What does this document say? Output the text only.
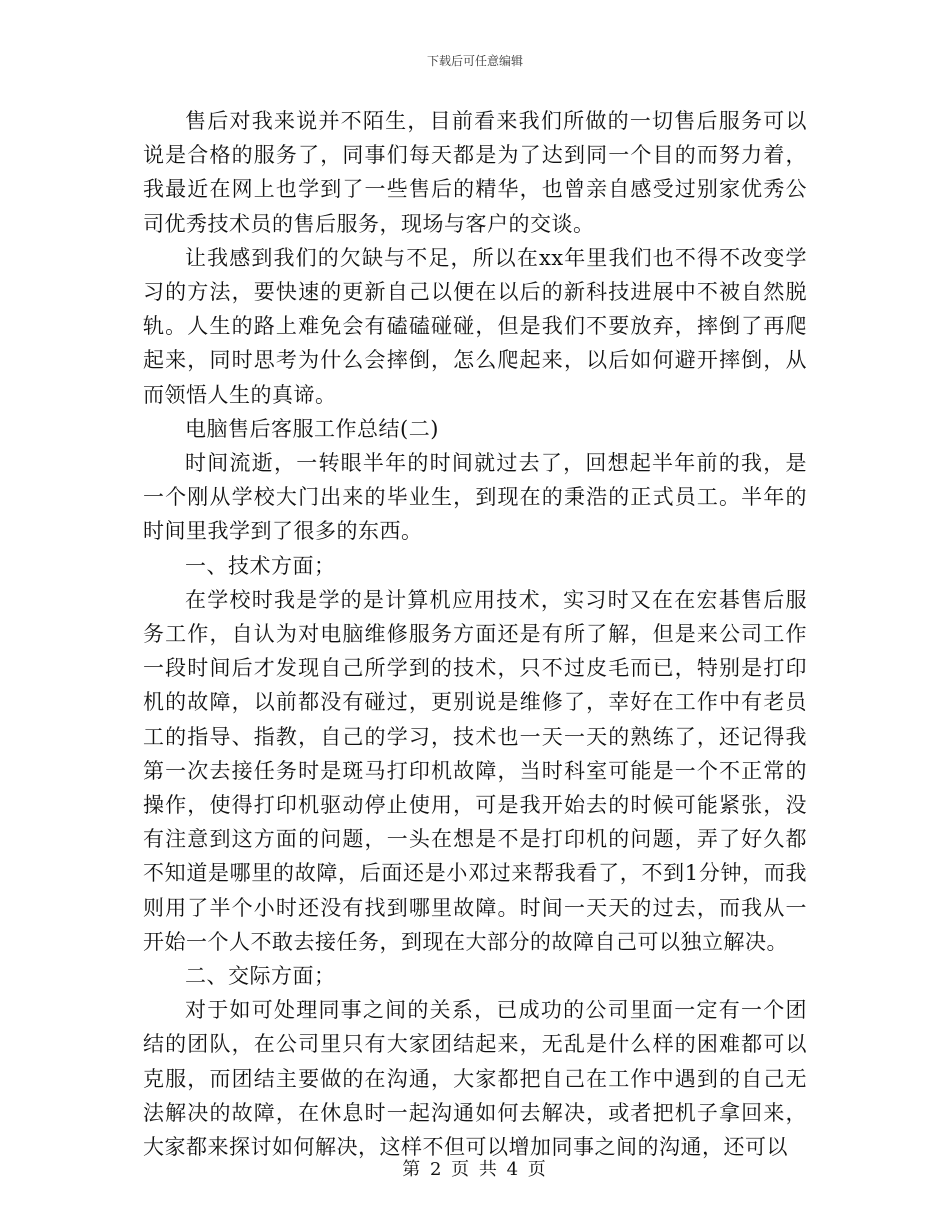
下载后可任意编辑

售后对我来说并不陌生，目前看来我们所做的一切售后服务可以说是合格的服务了，同事们每天都是为了达到同一个目的而努力着，我最近在网上也学到了一些售后的精华，也曾亲自感受过别家优秀公司优秀技术员的售后服务，现场与客户的交谈。

让我感到我们的欠缺与不足，所以在xx年里我们也不得不改变学习的方法，要快速的更新自己以便在以后的新科技进展中不被自然脱轨。人生的路上难免会有磕磕碰碰，但是我们不要放弃，摔倒了再爬起来，同时思考为什么会摔倒，怎么爬起来，以后如何避开摔倒，从而领悟人生的真谛。

电脑售后客服工作总结(二)

时间流逝，一转眼半年的时间就过去了，回想起半年前的我，是一个刚从学校大门出来的毕业生，到现在的秉浩的正式员工。半年的时间里我学到了很多的东西。

一、技术方面；

在学校时我是学的是计算机应用技术，实习时又在在宏碁售后服务工作，自认为对电脑维修服务方面还是有所了解，但是来公司工作一段时间后才发现自己所学到的技术，只不过皮毛而已，特别是打印机的故障，以前都没有碰过，更别说是维修了，幸好在工作中有老员工的指导、指教，自己的学习，技术也一天一天的熟练了，还记得我第一次去接任务时是斑马打印机故障，当时科室可能是一个不正常的操作，使得打印机驱动停止使用，可是我开始去的时候可能紧张，没有注意到这方面的问题，一头在想是不是打印机的问题，弄了好久都不知道是哪里的故障，后面还是小邓过来帮我看了，不到1分钟，而我则用了半个小时还没有找到哪里故障。时间一天天的过去，而我从一开始一个人不敢去接任务，到现在大部分的故障自己可以独立解决。

二、交际方面；

对于如可处理同事之间的关系，已成功的公司里面一定有一个团结的团队，在公司里只有大家团结起来，无乱是什么样的困难都可以克服，而团结主要做的在沟通，大家都把自己在工作中遇到的自己无法解决的故障，在休息时一起沟通如何去解决，或者把机子拿回来，大家都来探讨如何解决，这样不但可以增加同事之间的沟通，还可以

第 2 页 共 4 页
